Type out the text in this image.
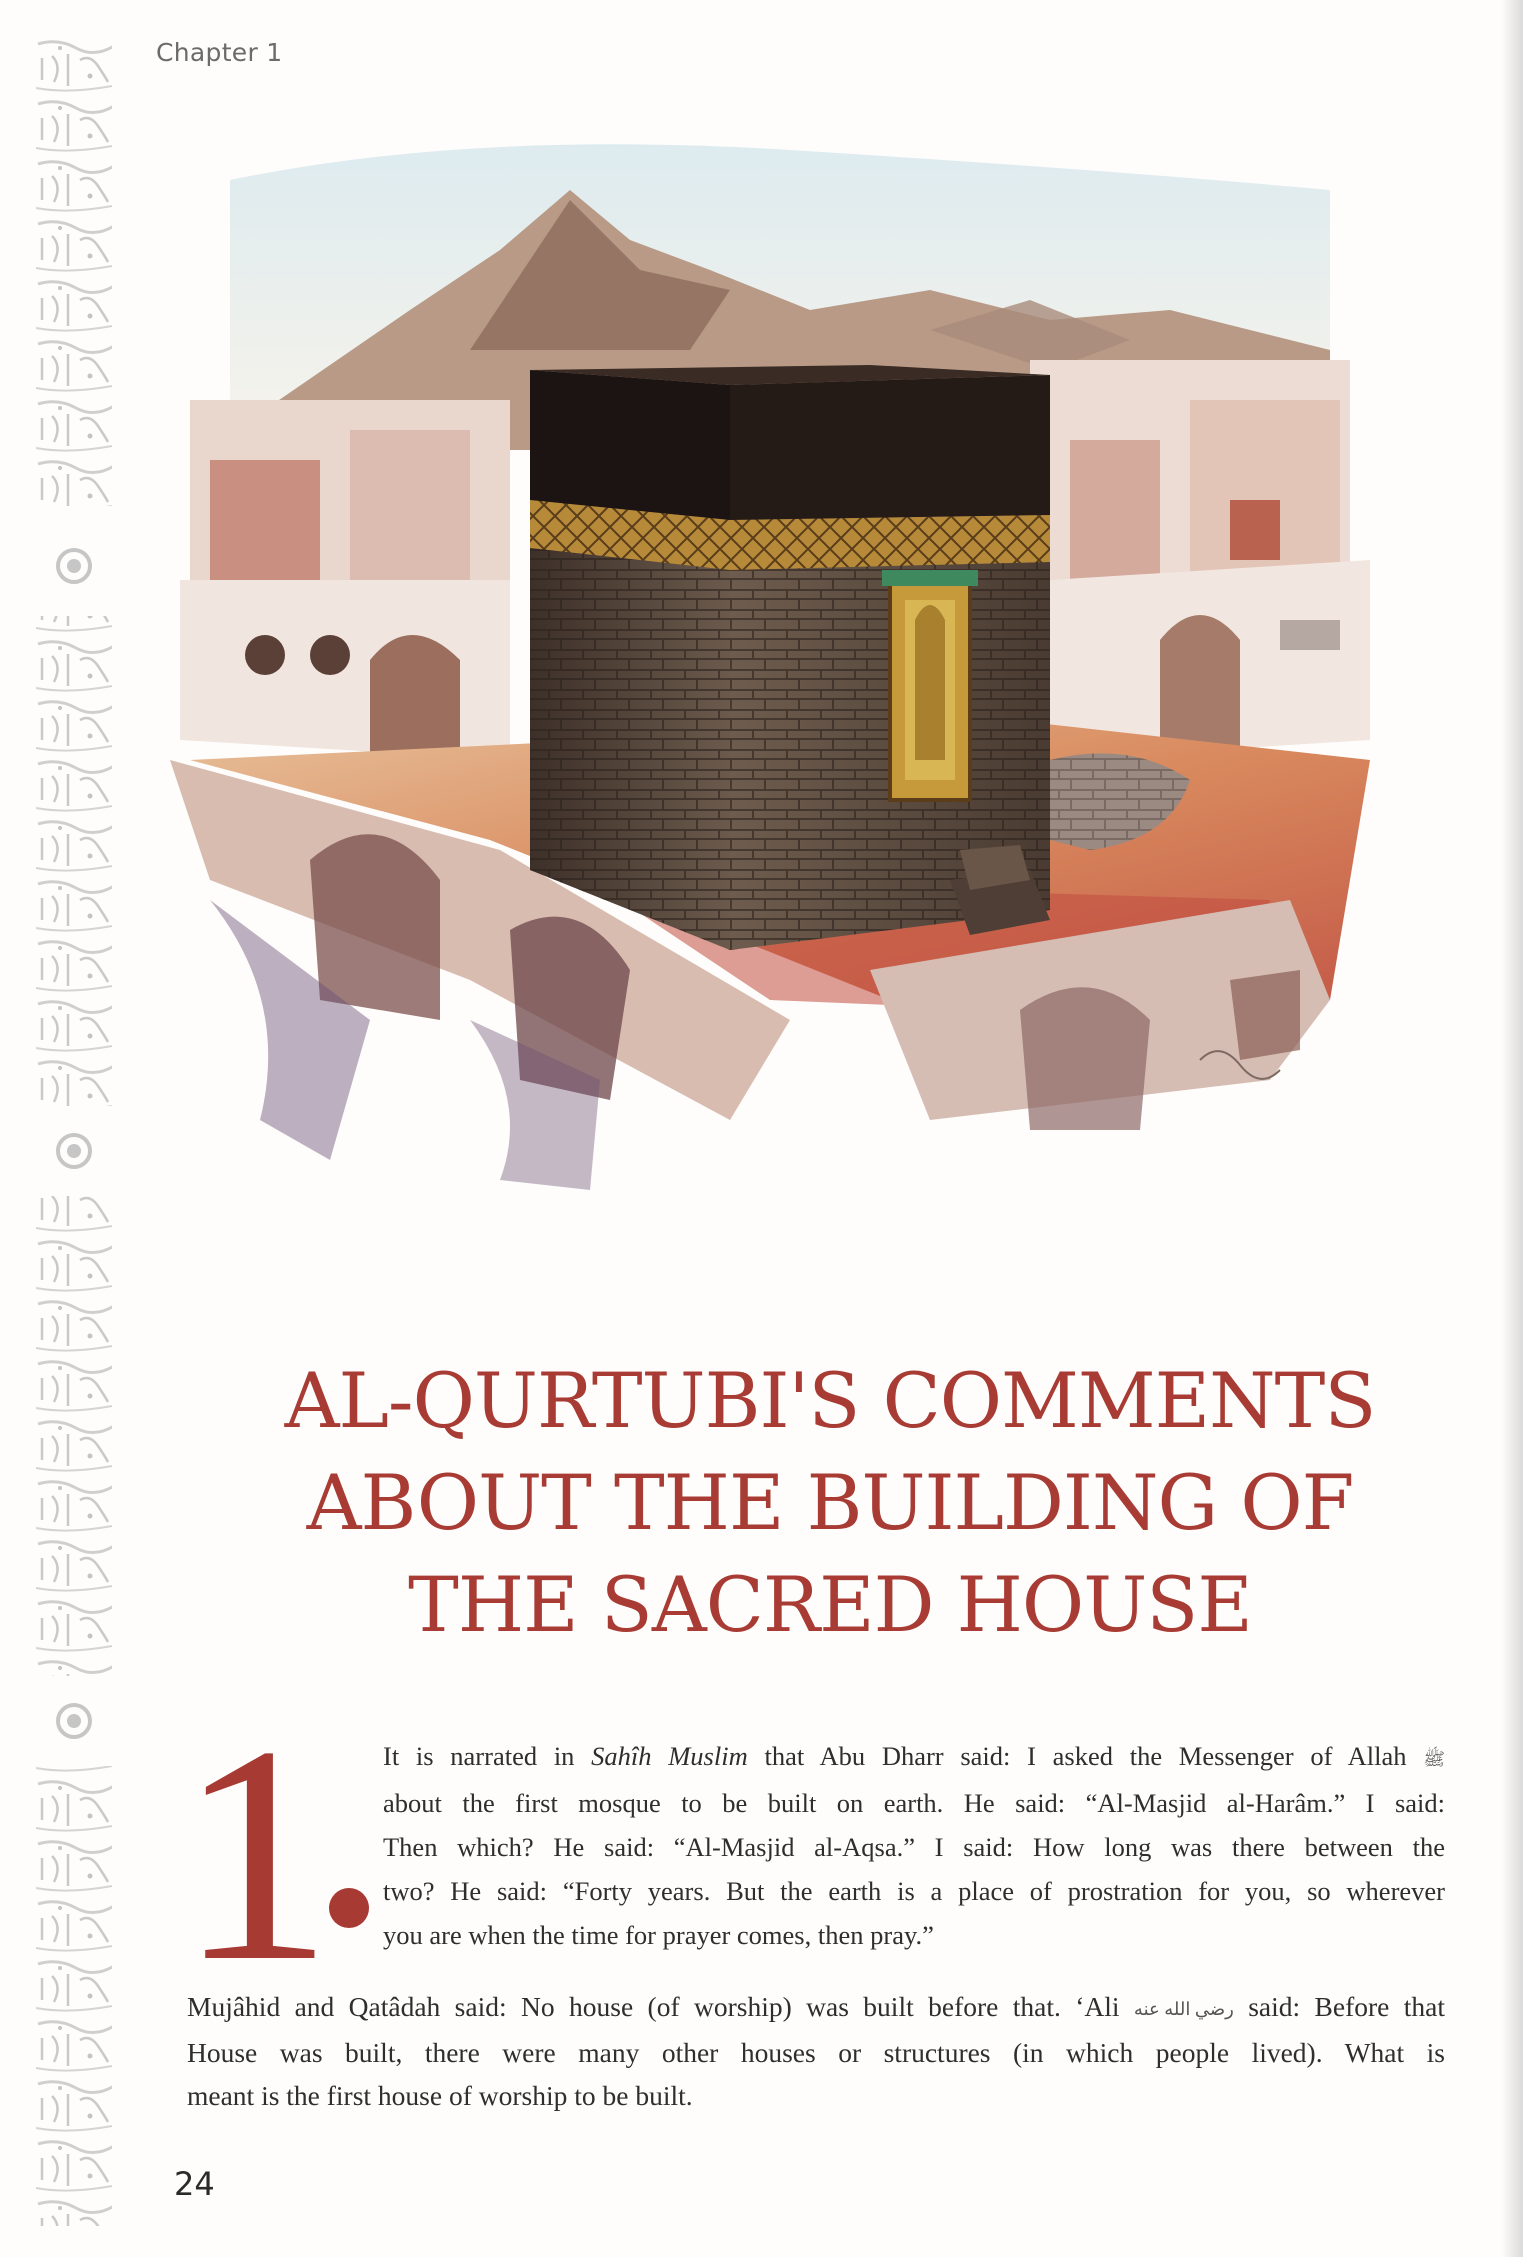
Chapter 1
AL-QURTUBI'S COMMENTS
ABOUT THE BUILDING OF
THE SACRED HOUSE
1 It is narrated in Sahîh Muslim that Abu Dharr said: I asked the Messenger of Allah ﷺ
about the first mosque to be built on earth. He said: “Al-Masjid al-Harâm.” I said:
Then which? He said: “Al-Masjid al-Aqsa.” I said: How long was there between the
two? He said: “Forty years. But the earth is a place of prostration for you, so wherever
you are when the time for prayer comes, then pray.”
Mujâhid and Qatâdah said: No house (of worship) was built before that. ‘Ali رضي الله عنه said: Before that
House was built, there were many other houses or structures (in which people lived). What is
meant is the first house of worship to be built.
24
